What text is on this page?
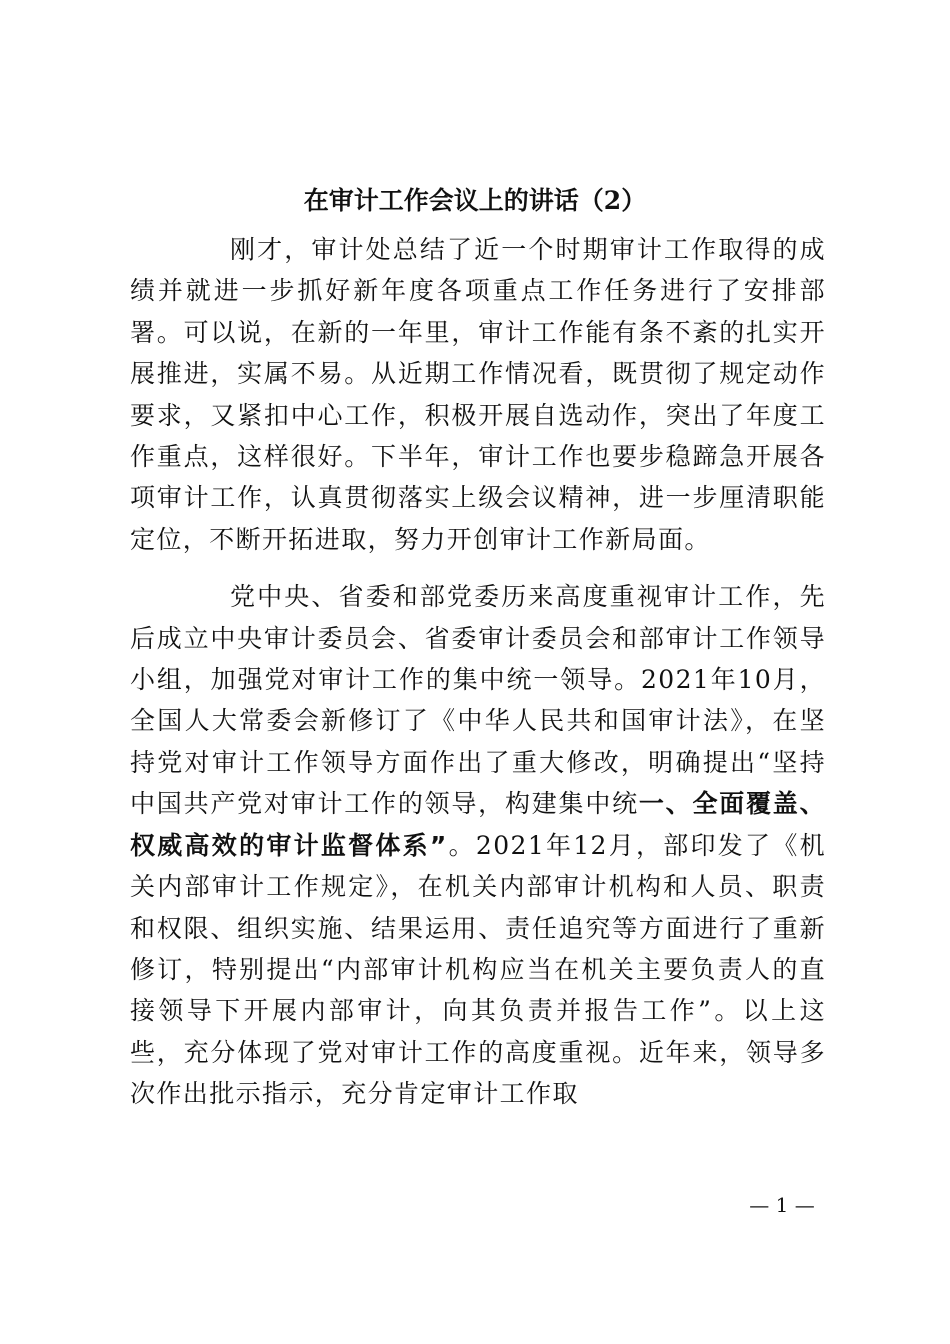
在审计工作会议上的讲话（2）

刚才，审计处总结了近一个时期审计工作取得的成绩并就进一步抓好新年度各项重点工作任务进行了安排部署。可以说，在新的一年里，审计工作能有条不紊的扎实开展推进，实属不易。从近期工作情况看，既贯彻了规定动作要求，又紧扣中心工作，积极开展自选动作，突出了年度工作重点，这样很好。下半年，审计工作也要步稳蹄急开展各项审计工作，认真贯彻落实上级会议精神，进一步厘清职能定位，不断开拓进取，努力开创审计工作新局面。

党中央、省委和部党委历来高度重视审计工作，先后成立中央审计委员会、省委审计委员会和部审计工作领导小组，加强党对审计工作的集中统一领导。2021年10月，全国人大常委会新修订了《中华人民共和国审计法》，在坚持党对审计工作领导方面作出了重大修改，明确提出“坚持中国共产党对审计工作的领导，构建集中统一、全面覆盖、权威高效的审计监督体系”。2021年12月，部印发了《机关内部审计工作规定》，在机关内部审计机构和人员、职责和权限、组织实施、结果运用、责任追究等方面进行了重新修订，特别提出“内部审计机构应当在机关主要负责人的直接领导下开展内部审计，向其负责并报告工作”。以上这些，充分体现了党对审计工作的高度重视。近年来，领导多次作出批示指示，充分肯定审计工作取

— 1 —
